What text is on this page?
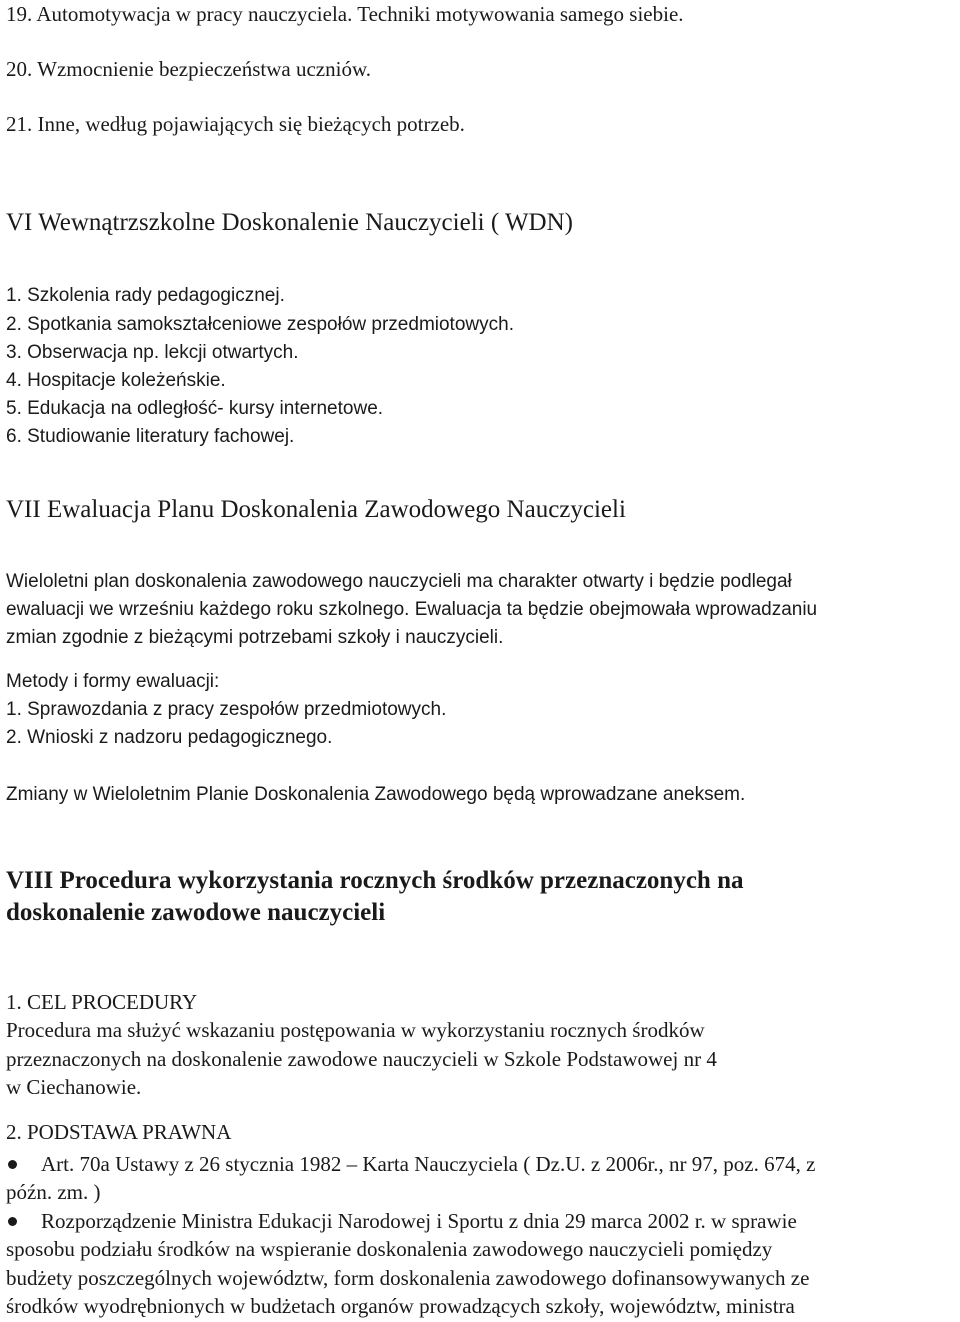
19. Automotywacja w pracy nauczyciela. Techniki motywowania samego siebie.
20. Wzmocnienie bezpieczeństwa uczniów.
21. Inne, według pojawiających się bieżących potrzeb.
VI Wewnątrzszkolne Doskonalenie Nauczycieli ( WDN)
1. Szkolenia rady pedagogicznej.
2. Spotkania samokształceniowe zespołów przedmiotowych.
3. Obserwacja np. lekcji otwartych.
4. Hospitacje koleżeńskie.
5. Edukacja na odległość- kursy internetowe.
6. Studiowanie literatury fachowej.
VII Ewaluacja Planu Doskonalenia Zawodowego Nauczycieli
Wieloletni plan doskonalenia zawodowego nauczycieli ma charakter otwarty i będzie podlegał
ewaluacji we wrześniu każdego roku szkolnego. Ewaluacja ta będzie obejmowała wprowadzaniu
zmian zgodnie z bieżącymi potrzebami szkoły i nauczycieli.
Metody i formy ewaluacji:
1. Sprawozdania z pracy zespołów przedmiotowych.
2. Wnioski z nadzoru pedagogicznego.
Zmiany w Wieloletnim Planie Doskonalenia Zawodowego będą wprowadzane aneksem.
VIII Procedura wykorzystania rocznych środków przeznaczonych na
doskonalenie zawodowe nauczycieli
1. CEL PROCEDURY
Procedura ma służyć wskazaniu postępowania w wykorzystaniu rocznych środków
przeznaczonych na doskonalenie zawodowe nauczycieli w Szkole Podstawowej nr 4
w Ciechanowie.
2. PODSTAWA PRAWNA
Art. 70a Ustawy z 26 stycznia 1982 – Karta Nauczyciela ( Dz.U. z 2006r., nr 97, poz. 674, z
późn. zm. )
Rozporządzenie Ministra Edukacji Narodowej i Sportu z dnia 29 marca 2002 r. w sprawie
sposobu podziału środków na wspieranie doskonalenia zawodowego nauczycieli pomiędzy
budżety poszczególnych województw, form doskonalenia zawodowego dofinansowywanych ze
środków wyodrębnionych w budżetach organów prowadzących szkoły, województw, ministra
